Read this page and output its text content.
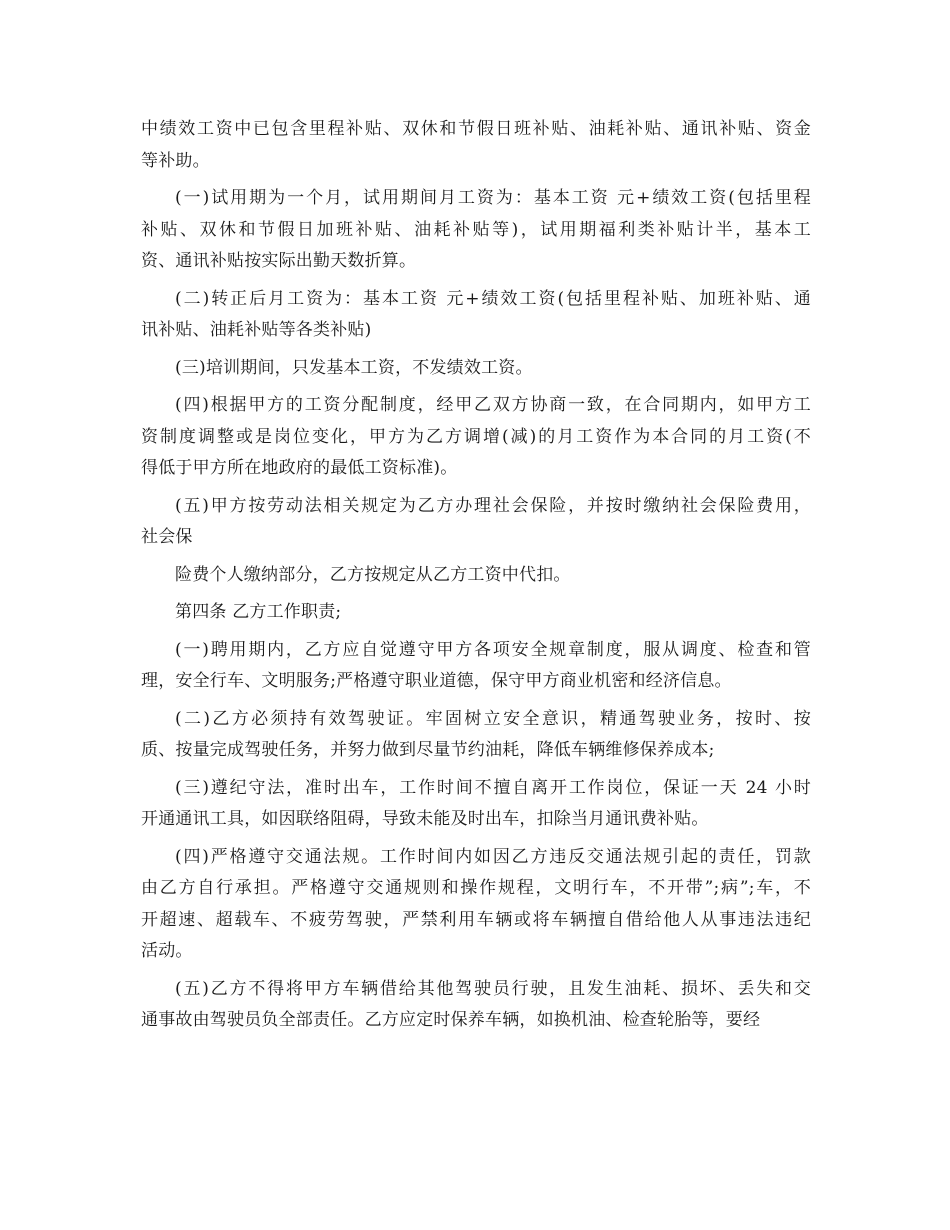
中绩效工资中已包含里程补贴、双休和节假日班补贴、油耗补贴、通讯补贴、资金
等补助。
(一)试用期为一个月，试用期间月工资为：基本工资 元+绩效工资(包括里程
补贴、双休和节假日加班补贴、油耗补贴等)，试用期福利类补贴计半，基本工
资、通讯补贴按实际出勤天数折算。
(二)转正后月工资为：基本工资 元+绩效工资(包括里程补贴、加班补贴、通
讯补贴、油耗补贴等各类补贴)
(三)培训期间，只发基本工资，不发绩效工资。
(四)根据甲方的工资分配制度，经甲乙双方协商一致，在合同期内，如甲方工
资制度调整或是岗位变化，甲方为乙方调增(减)的月工资作为本合同的月工资(不
得低于甲方所在地政府的最低工资标准)。
(五)甲方按劳动法相关规定为乙方办理社会保险，并按时缴纳社会保险费用，
社会保
险费个人缴纳部分，乙方按规定从乙方工资中代扣。
第四条 乙方工作职责;
(一)聘用期内，乙方应自觉遵守甲方各项安全规章制度，服从调度、检查和管
理，安全行车、文明服务;严格遵守职业道德，保守甲方商业机密和经济信息。
(二)乙方必须持有效驾驶证。牢固树立安全意识，精通驾驶业务，按时、按
质、按量完成驾驶任务，并努力做到尽量节约油耗，降低车辆维修保养成本;
(三)遵纪守法，准时出车，工作时间不擅自离开工作岗位，保证一天 24 小时
开通通讯工具，如因联络阻碍，导致未能及时出车，扣除当月通讯费补贴。
(四)严格遵守交通法规。工作时间内如因乙方违反交通法规引起的责任，罚款
由乙方自行承担。严格遵守交通规则和操作规程，文明行车，不开带”;病”;车，不
开超速、超载车、不疲劳驾驶，严禁利用车辆或将车辆擅自借给他人从事违法违纪
活动。
(五)乙方不得将甲方车辆借给其他驾驶员行驶，且发生油耗、损坏、丢失和交
通事故由驾驶员负全部责任。乙方应定时保养车辆，如换机油、检查轮胎等，要经
